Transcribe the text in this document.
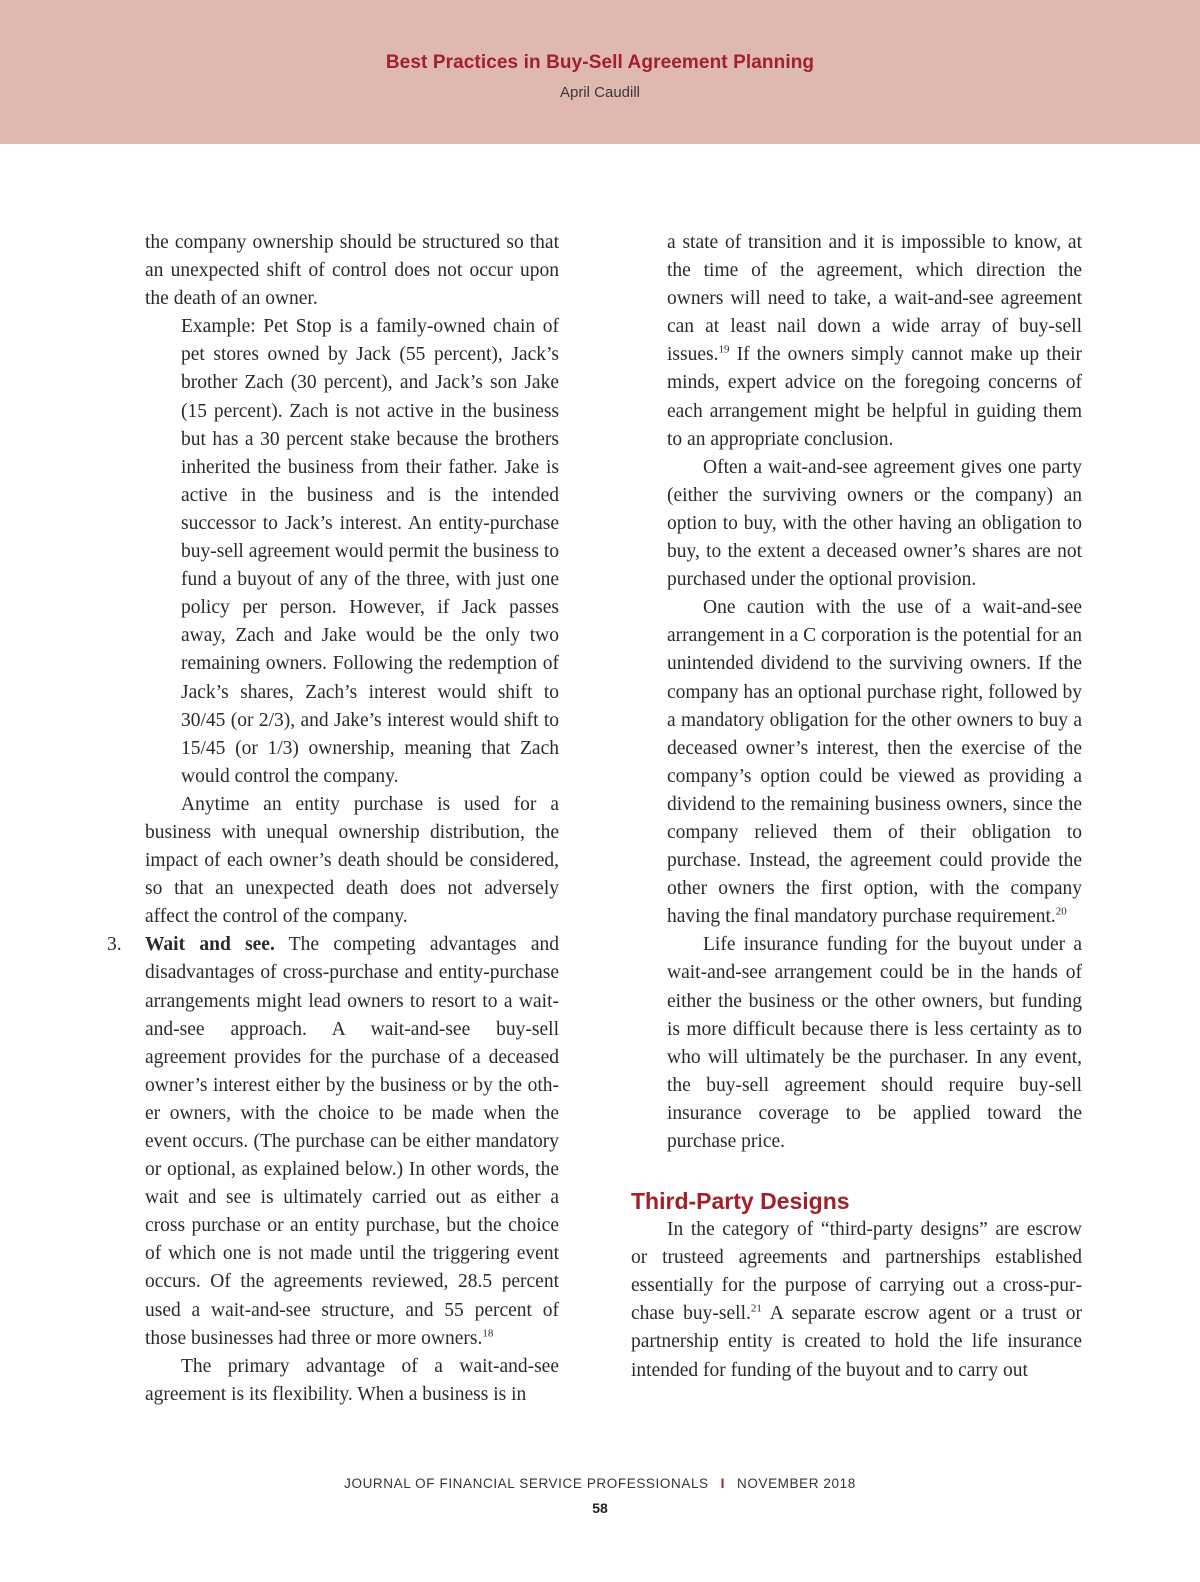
Best Practices in Buy-Sell Agreement Planning
April Caudill

the company ownership should be structured so that an unexpected shift of control does not occur upon the death of an owner.

Example: Pet Stop is a family-owned chain of pet stores owned by Jack (55 percent), Jack’s brother Zach (30 percent), and Jack’s son Jake (15 percent). Zach is not active in the business but has a 30 percent stake because the brothers inherited the business from their father. Jake is active in the business and is the intended successor to Jack’s interest. An entity-purchase buy-sell agreement would permit the business to fund a buyout of any of the three, with just one policy per person. However, if Jack passes away, Zach and Jake would be the only two remaining owners. Following the redemption of Jack’s shares, Zach’s interest would shift to 30/45 (or 2/3), and Jake’s interest would shift to 15/45 (or 1/3) ownership, meaning that Zach would control the company.

Anytime an entity purchase is used for a business with unequal ownership distribution, the impact of each owner’s death should be considered, so that an unexpected death does not adversely affect the control of the company.

3. Wait and see. The competing advantages and disadvantages of cross-purchase and entity-purchase arrangements might lead owners to resort to a wait-and-see approach. A wait-and-see buy-sell agreement provides for the purchase of a deceased owner’s interest either by the business or by the other owners, with the choice to be made when the event occurs. (The purchase can be either mandatory or optional, as explained below.) In other words, the wait and see is ultimately carried out as either a cross purchase or an entity purchase, but the choice of which one is not made until the triggering event occurs. Of the agreements reviewed, 28.5 percent used a wait-and-see structure, and 55 percent of those businesses had three or more owners.$^{18}$

The primary advantage of a wait-and-see agreement is its flexibility. When a business is in

a state of transition and it is impossible to know, at the time of the agreement, which direction the owners will need to take, a wait-and-see agreement can at least nail down a wide array of buy-sell issues.$^{19}$ If the owners simply cannot make up their minds, expert advice on the foregoing concerns of each arrangement might be helpful in guiding them to an appropriate conclusion.

Often a wait-and-see agreement gives one party (either the surviving owners or the company) an option to buy, with the other having an obligation to buy, to the extent a deceased owner’s shares are not purchased under the optional provision.

One caution with the use of a wait-and-see arrangement in a C corporation is the potential for an unintended dividend to the surviving owners. If the company has an optional purchase right, followed by a mandatory obligation for the other owners to buy a deceased owner’s interest, then the exercise of the company’s option could be viewed as providing a dividend to the remaining business owners, since the company relieved them of their obligation to purchase. Instead, the agreement could provide the other owners the first option, with the company having the final mandatory purchase requirement.$^{20}$

Life insurance funding for the buyout under a wait-and-see arrangement could be in the hands of either the business or the other owners, but funding is more difficult because there is less certainty as to who will ultimately be the purchaser. In any event, the buy-sell agreement should require buy-sell insurance coverage to be applied toward the purchase price.

Third-Party Designs

In the category of “third-party designs” are escrow or trusteed agreements and partnerships established essentially for the purpose of carrying out a cross-purchase buy-sell.$^{21}$ A separate escrow agent or a trust or partnership entity is created to hold the life insurance intended for funding of the buyout and to carry out

JOURNAL OF FINANCIAL SERVICE PROFESSIONALS I NOVEMBER 2018
58
